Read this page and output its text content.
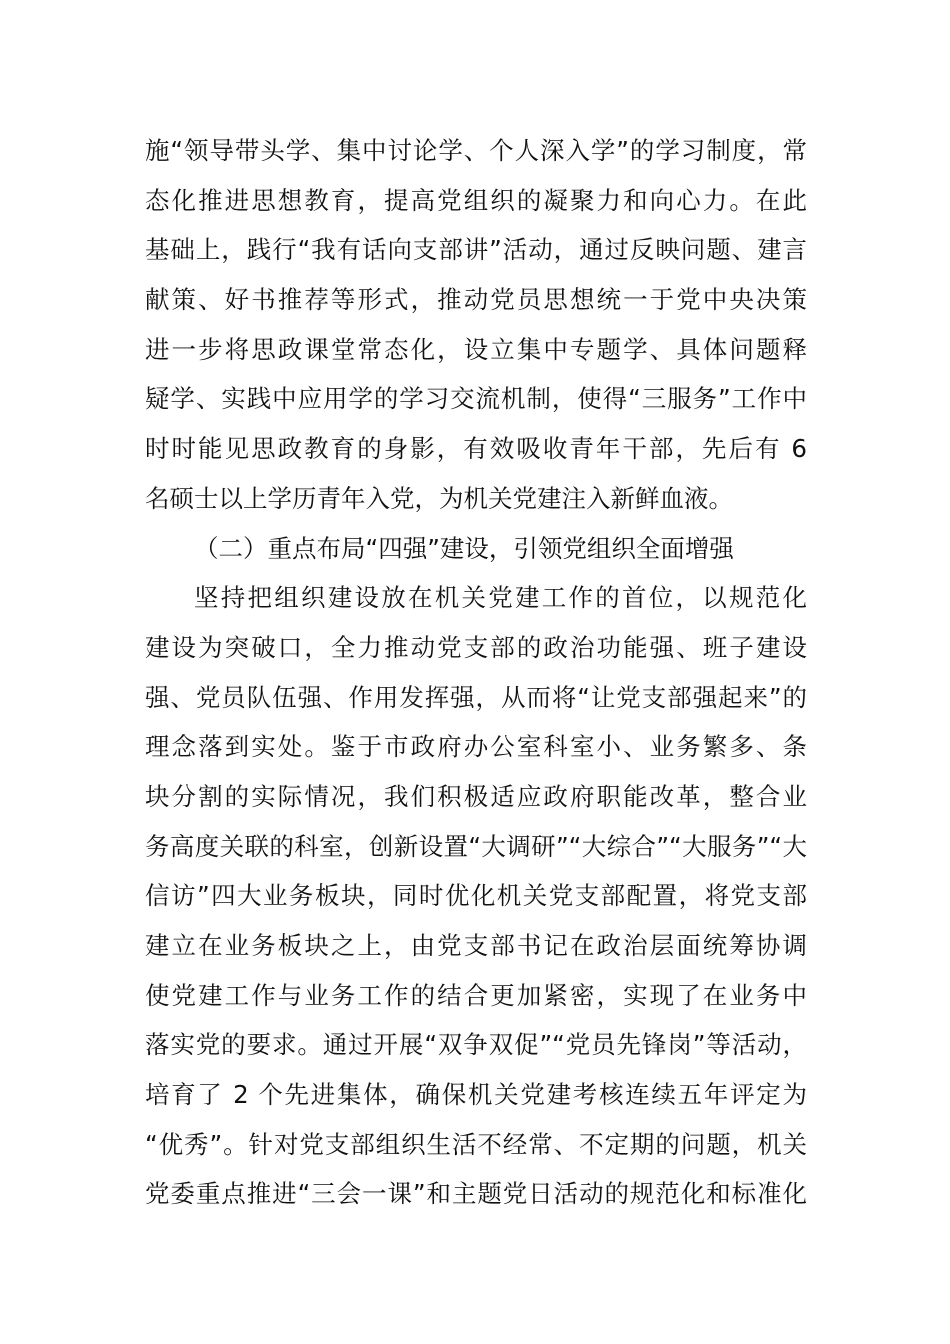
施“领导带头学、集中讨论学、个人深入学”的学习制度，常
态化推进思想教育，提高党组织的凝聚力和向心力。在此
基础上，践行“我有话向支部讲”活动，通过反映问题、建言
献策、好书推荐等形式，推动党员思想统一于党中央决策
进一步将思政课堂常态化，设立集中专题学、具体问题释
疑学、实践中应用学的学习交流机制，使得“三服务”工作中
时时能见思政教育的身影，有效吸收青年干部，先后有 6
名硕士以上学历青年入党，为机关党建注入新鲜血液。
（二）重点布局“四强”建设，引领党组织全面增强
坚持把组织建设放在机关党建工作的首位，以规范化
建设为突破口，全力推动党支部的政治功能强、班子建设
强、党员队伍强、作用发挥强，从而将“让党支部强起来”的
理念落到实处。鉴于市政府办公室科室小、业务繁多、条
块分割的实际情况，我们积极适应政府职能改革，整合业
务高度关联的科室，创新设置“大调研”“大综合”“大服务”“大
信访”四大业务板块，同时优化机关党支部配置，将党支部
建立在业务板块之上，由党支部书记在政治层面统筹协调
使党建工作与业务工作的结合更加紧密，实现了在业务中
落实党的要求。通过开展“双争双促”“党员先锋岗”等活动，
培育了 2 个先进集体，确保机关党建考核连续五年评定为
“优秀”。针对党支部组织生活不经常、不定期的问题，机关
党委重点推进“三会一课”和主题党日活动的规范化和标准化
